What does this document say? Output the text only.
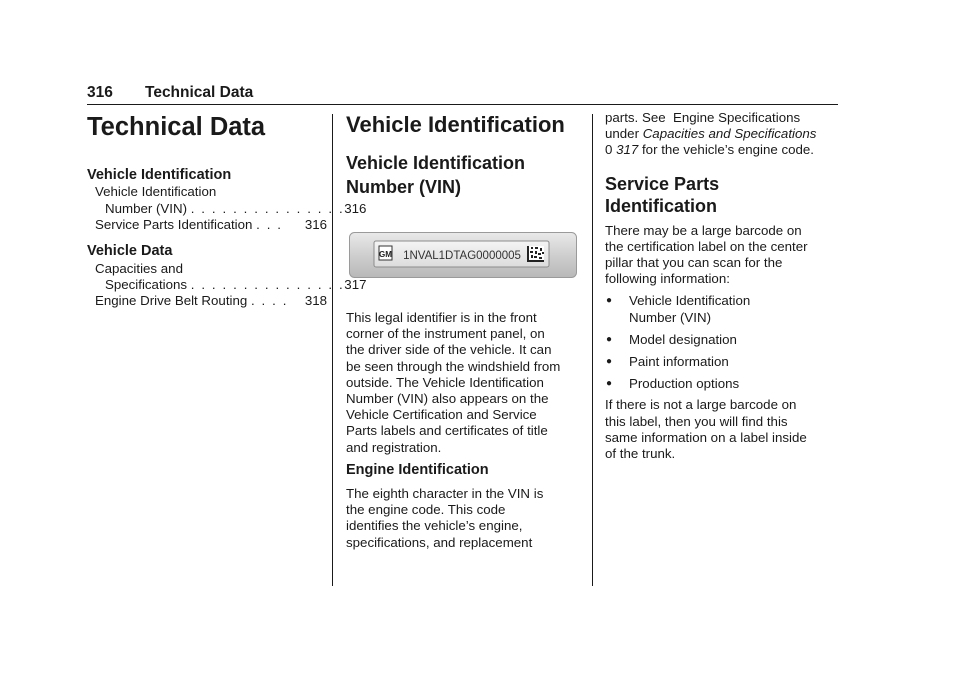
316 Technical Data
Technical Data
Vehicle Identification
Vehicle Identification
Number (VIN) . . . . . . . . . . . . . . . 316
Service Parts Identification . . . 316
Vehicle Data
Capacities and
Specifications . . . . . . . . . . . . . . . 317
Engine Drive Belt Routing . . . . 318
Vehicle Identification
Vehicle Identification
Number (VIN)
GM 1NVAL1DTAG0000005
This legal identifier is in the front
corner of the instrument panel, on
the driver side of the vehicle. It can
be seen through the windshield from
outside. The Vehicle Identification
Number (VIN) also appears on the
Vehicle Certification and Service
Parts labels and certificates of title
and registration.
Engine Identification
The eighth character in the VIN is
the engine code. This code
identifies the vehicle’s engine,
specifications, and replacement
parts. See  Engine Specifications
under Capacities and Specifications
0 317 for the vehicle’s engine code.
Service Parts
Identification
There may be a large barcode on
the certification label on the center
pillar that you can scan for the
following information:
●	Vehicle Identification
Number (VIN)
●	Model designation
●	Paint information
●	Production options
If there is not a large barcode on
this label, then you will find this
same information on a label inside
of the trunk.
